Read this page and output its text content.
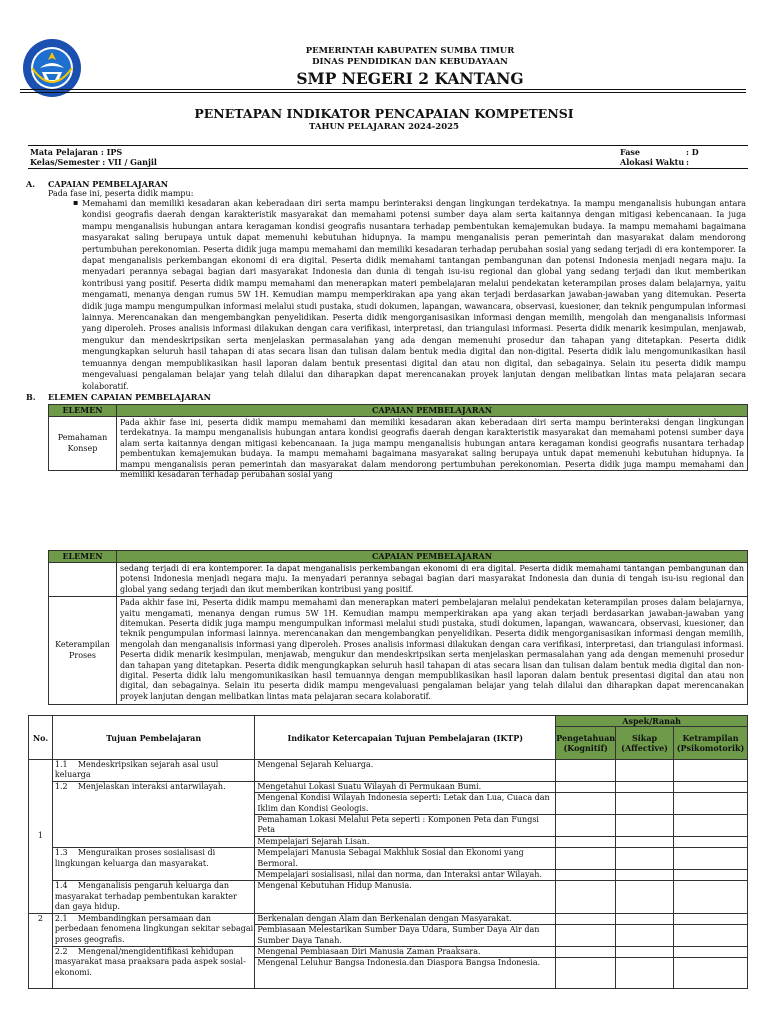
PEMERINTAH KABUPATEN SUMBA TIMUR
DINAS PENDIDIKAN DAN KEBUDAYAAN
SMP NEGERI 2 KANTANG
PENETAPAN INDIKATOR PENCAPAIAN KOMPETENSI
TAHUN PELAJARAN 2024-2025
Mata Pelajaran : IPS
Kelas/Semester : VII / Ganjil
Fase	: D
Alokasi Waktu :
A. CAPAIAN PEMBELAJARAN
Pada fase ini, peserta didik mampu:
▪ Memahami dan memiliki kesadaran akan keberadaan diri serta mampu berinteraksi dengan lingkungan terdekatnya. Ia mampu menganalisis hubungan antara kondisi geografis daerah dengan karakteristik masyarakat dan memahami potensi sumber daya alam serta kaitannya dengan mitigasi kebencanaan. Ia juga mampu menganalisis hubungan antara keragaman kondisi geografis nusantara terhadap pembentukan kemajemukan budaya. Ia mampu memahami bagaimana masyarakat saling berupaya untuk dapat memenuhi kebutuhan hidupnya. Ia mampu menganalisis peran pemerintah dan masyarakat dalam mendorong pertumbuhan perekonomian. Peserta didik juga mampu memahami dan memiliki kesadaran terhadap perubahan sosial yang sedang terjadi di era kontemporer. Ia dapat menganalisis perkembangan ekonomi di era digital. Peserta didik memahami tantangan pembangunan dan potensi Indonesia menjadi negara maju. Ia menyadari perannya sebagai bagian dari masyarakat Indonesia dan dunia di tengah isu-isu regional dan global yang sedang terjadi dan ikut memberikan kontribusi yang positif. Peserta didik mampu memahami dan menerapkan materi pembelajaran melalui pendekatan keterampilan proses dalam belajarnya, yaitu mengamati, menanya dengan rumus 5W 1H. Kemudian mampu memperkirakan apa yang akan terjadi berdasarkan jawaban-jawaban yang ditemukan. Peserta didik juga mampu mengumpulkan informasi melalui studi pustaka, studi dokumen, lapangan, wawancara, observasi, kuesioner, dan teknik pengumpulan informasi lainnya. Merencanakan dan mengembangkan penyelidikan. Peserta didik mengorganisasikan informasi dengan memilih, mengolah dan menganalisis informasi yang diperoleh. Proses analisis informasi dilakukan dengan cara verifikasi, interpretasi, dan triangulasi informasi. Peserta didik menarik kesimpulan, menjawab, mengukur dan mendeskripsikan serta menjelaskan permasalahan yang ada dengan memenuhi prosedur dan tahapan yang ditetapkan. Peserta didik mengungkapkan seluruh hasil tahapan di atas secara lisan dan tulisan dalam bentuk media digital dan non-digital. Peserta didik lalu mengomunikasikan hasil temuannya dengan mempublikasikan hasil laporan dalam bentuk presentasi digital dan atau non digital, dan sebagainya. Selain itu peserta didik mampu mengevaluasi pengalaman belajar yang telah dilalui dan diharapkan dapat merencanakan proyek lanjutan dengan melibatkan lintas mata pelajaran secara kolaboratif.
B. ELEMEN CAPAIAN PEMBELAJARAN
ELEMEN	CAPAIAN PEMBELAJARAN
Pemahaman Konsep	Pada akhir fase ini, peserta didik mampu memahami dan memiliki kesadaran akan keberadaan diri serta mampu berinteraksi dengan lingkungan terdekatnya. Ia mampu menganalisis hubungan antara kondisi geografis daerah dengan karakteristik masyarakat dan memahami potensi sumber daya alam serta kaitannya dengan mitigasi kebencanaan. Ia juga mampu menganalisis hubungan antara keragaman kondisi geografis nusantara terhadap pembentukan kemajemukan budaya. Ia mampu memahami bagaimana masyarakat saling berupaya untuk dapat memenuhi kebutuhan hidupnya. Ia mampu menganalisis peran pemerintah dan masyarakat dalam mendorong pertumbuhan perekonomian. Peserta didik juga mampu memahami dan memiliki kesadaran terhadap perubahan sosial yang
ELEMEN	CAPAIAN PEMBELAJARAN

	sedang terjadi di era kontemporer. Ia dapat menganalisis perkembangan ekonomi di era digital. Peserta didik memahami tantangan pembangunan dan potensi Indonesia menjadi negara maju. Ia menyadari perannya sebagai bagian dari masyarakat Indonesia dan dunia di tengah isu-isu regional dan global yang sedang terjadi dan ikut memberikan kontribusi yang positif.

Keterampilan Proses	Pada akhir fase ini, Peserta didik mampu memahami dan menerapkan materi pembelajaran melalui pendekatan keterampilan proses dalam belajarnya, yaitu mengamati, menanya dengan rumus 5W 1H. Kemudian mampu memperkirakan apa yang akan terjadi berdasarkan jawaban-jawaban yang ditemukan. Peserta didik juga mampu mengumpulkan informasi melalui studi pustaka, studi dokumen, lapangan, wawancara, observasi, kuesioner, dan teknik pengumpulan informasi lainnya. merencanakan dan mengembangkan penyelidikan. Peserta didik mengorganisasikan informasi dengan memilih, mengolah dan menganalisis informasi yang diperoleh. Proses analisis informasi dilakukan dengan cara verifikasi, interpretasi, dan triangulasi informasi. Peserta didik menarik kesimpulan, menjawab, mengukur dan mendeskripsikan serta menjelaskan permasalahan yang ada dengan memenuhi prosedur dan tahapan yang ditetapkan. Peserta didik mengungkapkan seluruh hasil tahapan di atas secara lisan dan tulisan dalam bentuk media digital dan non-digital. Peserta didik lalu mengomunikasikan hasil temuannya dengan mempublikasikan hasil laporan dalam bentuk presentasi digital dan atau non digital, dan sebagainya. Selain itu peserta didik mampu mengevaluasi pengalaman belajar yang telah dilalui dan diharapkan dapat merencanakan proyek lanjutan dengan melibatkan lintas mata pelajaran secara kolaboratif.
No.	Tujuan Pembelajaran	Indikator Ketercapaian Tujuan Pembelajaran (IKTP)	Aspek/Ranah		
			Pengetahuan (Kognitif)	Sikap (Affective)	Ketrampilan (Psikomotorik)
1	1.1 Mendeskripsikan sejarah asal usul keluarga	Mengenal Sejarah Keluarga.			
	1.2 Menjelaskan interaksi antarwilayah.	Mengetahui Lokasi Suatu Wilayah di Permukaan Bumi.			
		Mengenal Kondisi Wilayah Indonesia seperti: Letak dan Lua, Cuaca dan Iklim dan Kondisi Geologis.			
		Pemahaman Lokasi Melalui Peta seperti : Komponen Peta dan Fungsi Peta			
		Mempelajari Sejarah Lisan.			
	1.3 Menguraikan proses sosialisasi di lingkungan keluarga dan masyarakat.	Mempelajari Manusia Sebagai Makhluk Sosial dan Ekonomi yang Bermoral.			
		Mempelajari sosialisasi, nilai dan norma, dan Interaksi antar Wilayah.			
	1.4 Menganalisis pengaruh keluarga dan masyarakat terhadap pembentukan karakter dan gaya hidup.	Mengenal Kebutuhan Hidup Manusia.			

2	2.1 Membandingkan persamaan dan perbedaan fenomena lingkungan sekitar sebagai proses geografis.	Berkenalan dengan Alam dan Berkenalan dengan Masyarakat.			
		Pembiasaan Melestarikan Sumber Daya Udara, Sumber Daya Air dan Sumber Daya Tanah.			
	2.2 Mengenal/mengidentifikasi kehidupan masyarakat masa praaksara pada aspek sosial-ekonomi.	Mengenal Pembiasaan Diri Manusia Zaman Praaksara.			
		Mengenal Leluhur Bangsa Indonesia.dan Diaspora Bangsa Indonesia.			
